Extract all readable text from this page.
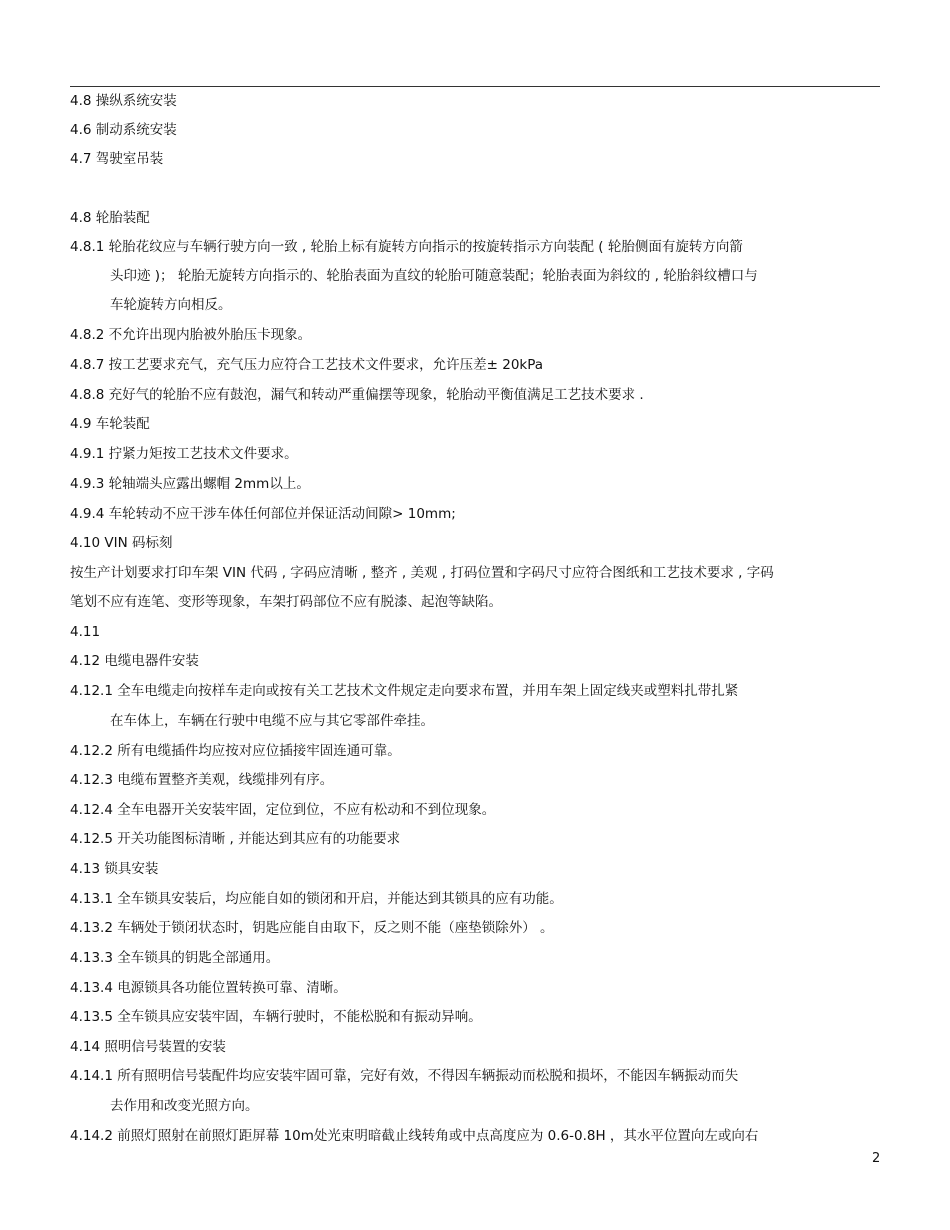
4.8 操纵系统安装
4.6 制动系统安装
4.7 驾驶室吊装
4.8 轮胎装配
4.8.1 轮胎花纹应与车辆行驶方向一致 , 轮胎上标有旋转方向指示的按旋转指示方向装配 ( 轮胎侧面有旋转方向箭
头印迹 )； 轮胎无旋转方向指示的、轮胎表面为直纹的轮胎可随意装配；轮胎表面为斜纹的 , 轮胎斜纹槽口与
车轮旋转方向相反。
4.8.2 不允许出现内胎被外胎压卡现象。
4.8.7 按工艺要求充气，充气压力应符合工艺技术文件要求，允许压差± 20kPa
4.8.8 充好气的轮胎不应有鼓泡，漏气和转动严重偏摆等现象，轮胎动平衡值满足工艺技术要求 .
4.9 车轮装配
4.9.1 拧紧力矩按工艺技术文件要求。
4.9.3 轮轴端头应露出螺帽 2mm以上。
4.9.4 车轮转动不应干涉车体任何部位并保证活动间隙> 10mm;
4.10 VIN 码标刻
按生产计划要求打印车架 VIN 代码 , 字码应清晰 , 整齐 , 美观 , 打码位置和字码尺寸应符合图纸和工艺技术要求 , 字码
笔划不应有连笔、变形等现象，车架打码部位不应有脱漆、起泡等缺陷。
4.11
4.12 电缆电器件安装
4.12.1 全车电缆走向按样车走向或按有关工艺技术文件规定走向要求布置，并用车架上固定线夹或塑料扎带扎紧
在车体上，车辆在行驶中电缆不应与其它零部件牵挂。
4.12.2 所有电缆插件均应按对应位插接牢固连通可靠。
4.12.3 电缆布置整齐美观，线缆排列有序。
4.12.4 全车电器开关安装牢固，定位到位，不应有松动和不到位现象。
4.12.5 开关功能图标清晰 , 并能达到其应有的功能要求
4.13 锁具安装
4.13.1 全车锁具安装后，均应能自如的锁闭和开启，并能达到其锁具的应有功能。
4.13.2 车辆处于锁闭状态时，钥匙应能自由取下，反之则不能（座垫锁除外） 。
4.13.3 全车锁具的钥匙全部通用。
4.13.4 电源锁具各功能位置转换可靠、清晰。
4.13.5 全车锁具应安装牢固，车辆行驶时，不能松脱和有振动异响。
4.14 照明信号装置的安装
4.14.1 所有照明信号装配件均应安装牢固可靠，完好有效，不得因车辆振动而松脱和损坏，不能因车辆振动而失
去作用和改变光照方向。
4.14.2 前照灯照射在前照灯距屏幕 10m处光束明暗截止线转角或中点高度应为 0.6-0.8H ，其水平位置向左或向右
2
